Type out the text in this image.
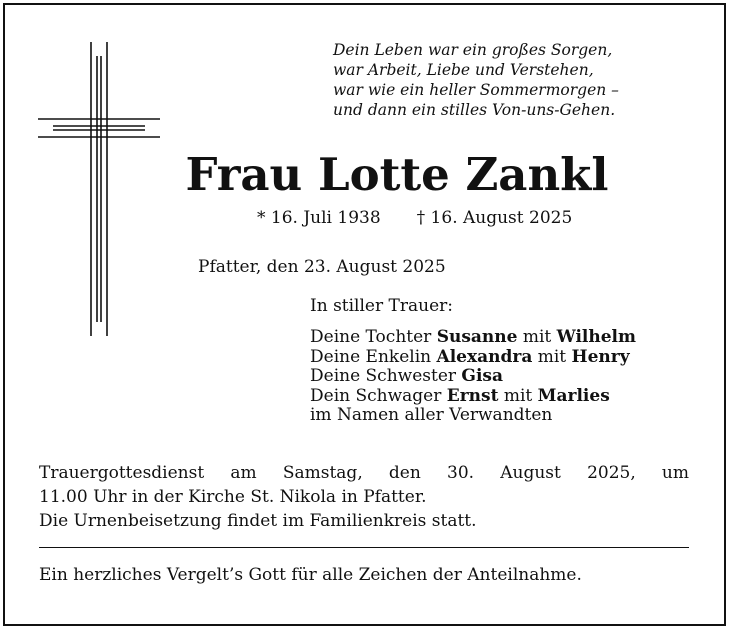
Dein Leben war ein großes Sorgen,
war Arbeit, Liebe und Verstehen,
war wie ein heller Sommermorgen –
und dann ein stilles Von-uns-Gehen.
Frau Lotte Zankl
* 16. Juli 1938 † 16. August 2025
Pfatter, den 23. August 2025
In stiller Trauer:
Deine Tochter Susanne mit Wilhelm
Deine Enkelin Alexandra mit Henry
Deine Schwester Gisa
Dein Schwager Ernst mit Marlies
im Namen aller Verwandten
Trauergottesdienst am Samstag, den 30. August 2025, um
11.00 Uhr in der Kirche St. Nikola in Pfatter.
Die Urnenbeisetzung findet im Familienkreis statt.
Ein herzliches Vergelt’s Gott für alle Zeichen der Anteilnahme.
